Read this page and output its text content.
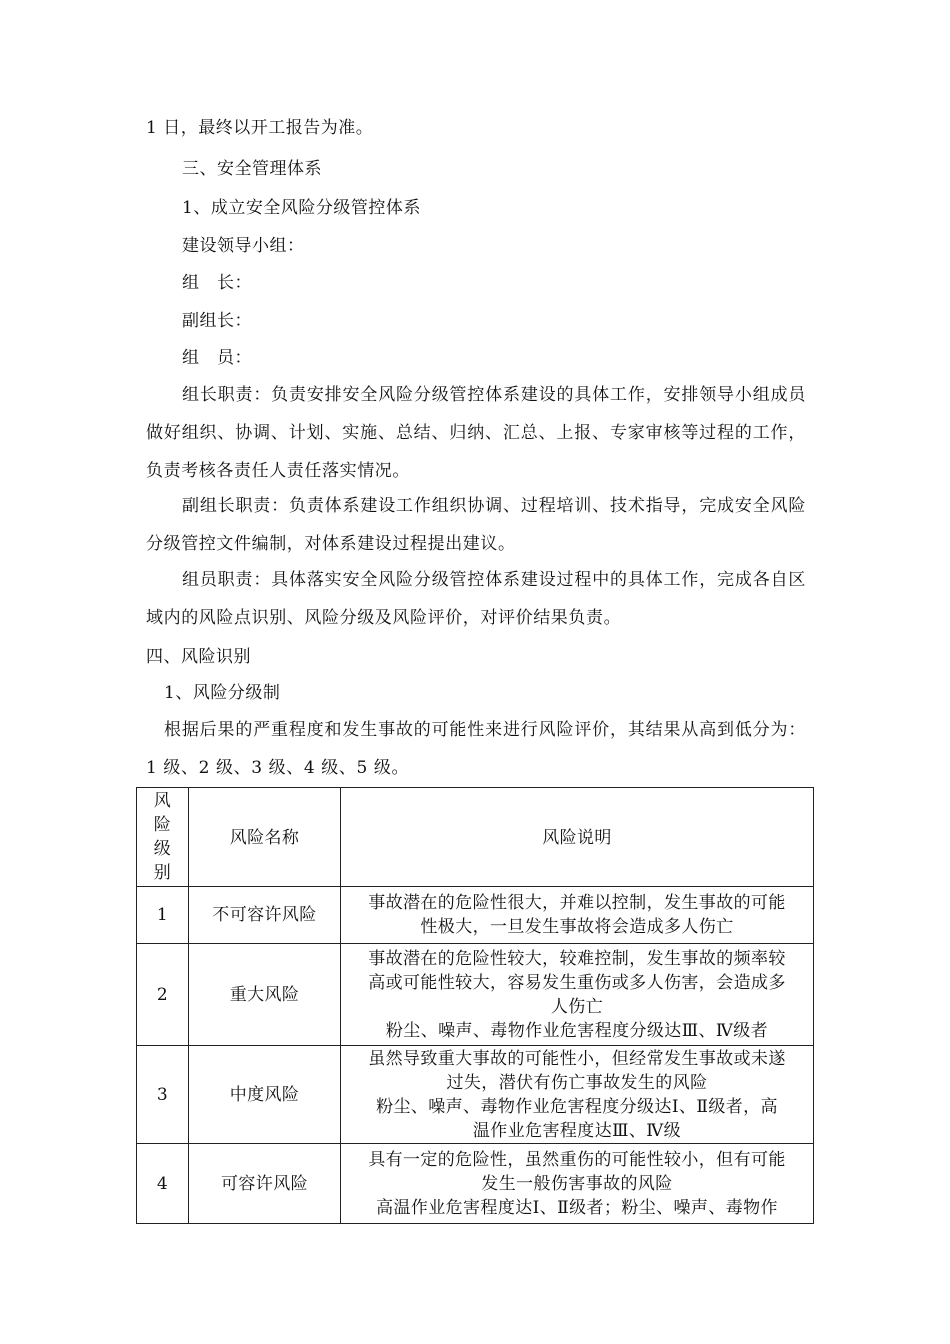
1 日，最终以开工报告为准。
三、安全管理体系
1、成立安全风险分级管控体系
建设领导小组：
组　长：
副组长：
组　员：
组长职责：负责安排安全风险分级管控体系建设的具体工作，安排领导小组成员做好组织、协调、计划、实施、总结、归纳、汇总、上报、专家审核等过程的工作，负责考核各责任人责任落实情况。
副组长职责：负责体系建设工作组织协调、过程培训、技术指导，完成安全风险分级管控文件编制，对体系建设过程提出建议。
组员职责：具体落实安全风险分级管控体系建设过程中的具体工作，完成各自区域内的风险点识别、风险分级及风险评价，对评价结果负责。
四、风险识别
1、风险分级制
根据后果的严重程度和发生事故的可能性来进行风险评价，其结果从高到低分为：1 级、2 级、3 级、4 级、5 级。
风
险
级
别	风险名称	风险说明
1	不可容许风险	事故潜在的危险性很大，并难以控制，发生事故的可能
性极大，一旦发生事故将会造成多人伤亡

2	重大风险	事故潜在的危险性较大，较难控制，发生事故的频率较
高或可能性较大，容易发生重伤或多人伤害，会造成多
人伤亡
粉尘、噪声、毒物作业危害程度分级达Ⅲ、Ⅳ级者

3	中度风险	虽然导致重大事故的可能性小，但经常发生事故或未遂
过失，潜伏有伤亡事故发生的风险
粉尘、噪声、毒物作业危害程度分级达Ⅰ、Ⅱ级者，高
温作业危害程度达Ⅲ、Ⅳ级

4	可容许风险	具有一定的危险性，虽然重伤的可能性较小，但有可能
发生一般伤害事故的风险
高温作业危害程度达Ⅰ、Ⅱ级者；粉尘、噪声、毒物作
